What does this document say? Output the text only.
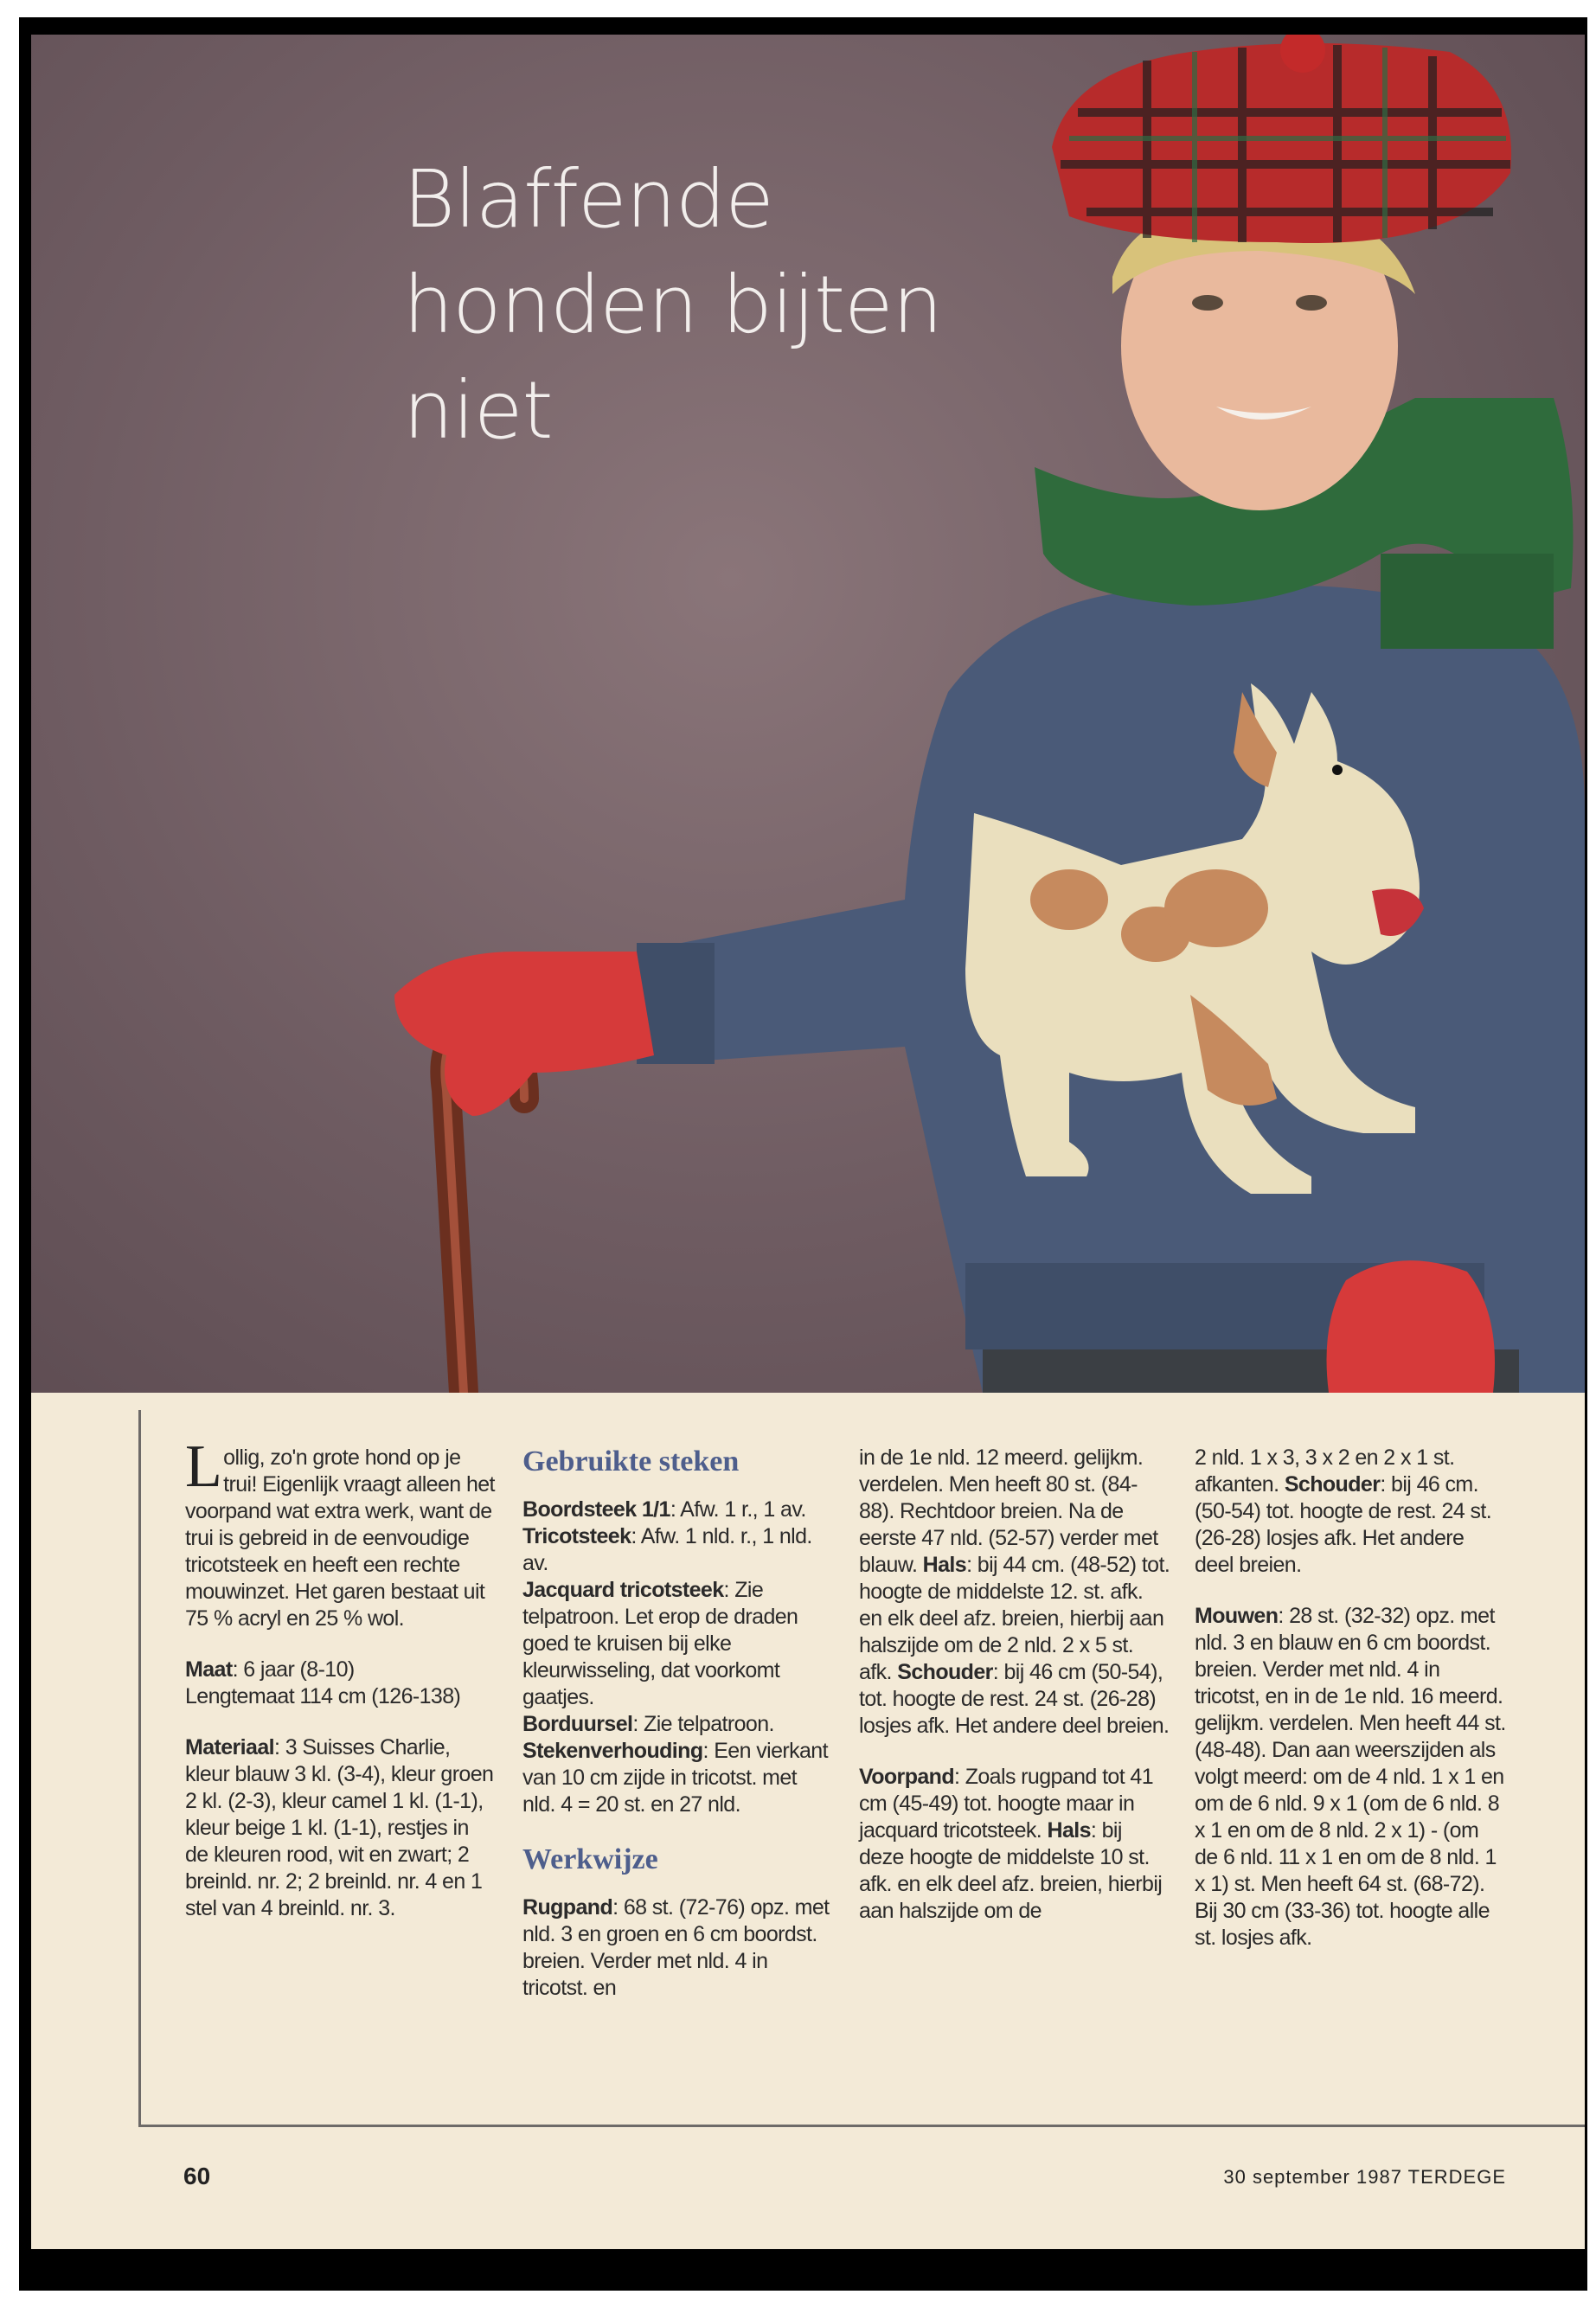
Blaffende
honden bijten
niet

Lollig, zo'n grote hond op je trui! Eigenlijk vraagt alleen het voorpand wat extra werk, want de trui is gebreid in de eenvoudige tricotsteek en heeft een rechte mouwinzet. Het garen bestaat uit 75 % acryl en 25 % wol.

Maat: 6 jaar (8-10)
Lengtemaat 114 cm (126-138)

Materiaal: 3 Suisses Charlie, kleur blauw 3 kl. (3-4), kleur groen 2 kl. (2-3), kleur camel 1 kl. (1-1), kleur beige 1 kl. (1-1), restjes in de kleuren rood, wit en zwart; 2 breinld. nr. 2; 2 breinld. nr. 4 en 1 stel van 4 breinld. nr. 3.

Gebruikte steken

Boordsteek 1/1: Afw. 1 r., 1 av.

Tricotsteek: Afw. 1 nld. r., 1 nld. av.

Jacquard tricotsteek: Zie telpatroon. Let erop de draden goed te kruisen bij elke kleurwisseling, dat voorkomt gaatjes.

Borduursel: Zie telpatroon.

Stekenverhouding: Een vierkant van 10 cm zijde in tricotst. met nld. 4 = 20 st. en 27 nld.

Werkwijze

Rugpand: 68 st. (72-76) opz. met nld. 3 en groen en 6 cm boordst. breien. Verder met nld. 4 in tricotst. en

in de 1e nld. 12 meerd. gelijkm. verdelen. Men heeft 80 st. (84-88). Rechtdoor breien. Na de eerste 47 nld. (52-57) verder met blauw. Hals: bij 44 cm. (48-52) tot. hoogte de middelste 12. st. afk. en elk deel afz. breien, hierbij aan halszijde om de 2 nld. 2 x 5 st. afk. Schouder: bij 46 cm (50-54), tot. hoogte de rest. 24 st. (26-28) losjes afk. Het andere deel breien.

Voorpand: Zoals rugpand tot 41 cm (45-49) tot. hoogte maar in jacquard tricotsteek. Hals: bij deze hoogte de middelste 10 st. afk. en elk deel afz. breien, hierbij aan halszijde om de

2 nld. 1 x 3, 3 x 2 en 2 x 1 st. afkanten. Schouder: bij 46 cm. (50-54) tot. hoogte de rest. 24 st. (26-28) losjes afk. Het andere deel breien.

Mouwen: 28 st. (32-32) opz. met nld. 3 en blauw en 6 cm boordst. breien. Verder met nld. 4 in tricotst, en in de 1e nld. 16 meerd. gelijkm. verdelen. Men heeft 44 st. (48-48). Dan aan weerszijden als volgt meerd: om de 4 nld. 1 x 1 en om de 6 nld. 9 x 1 (om de 6 nld. 8 x 1 en om de 8 nld. 2 x 1) - (om de 6 nld. 11 x 1 en om de 8 nld. 1 x 1) st. Men heeft 64 st. (68-72). Bij 30 cm (33-36) tot. hoogte alle st. losjes afk.

60	30 september 1987 TERDEGE
